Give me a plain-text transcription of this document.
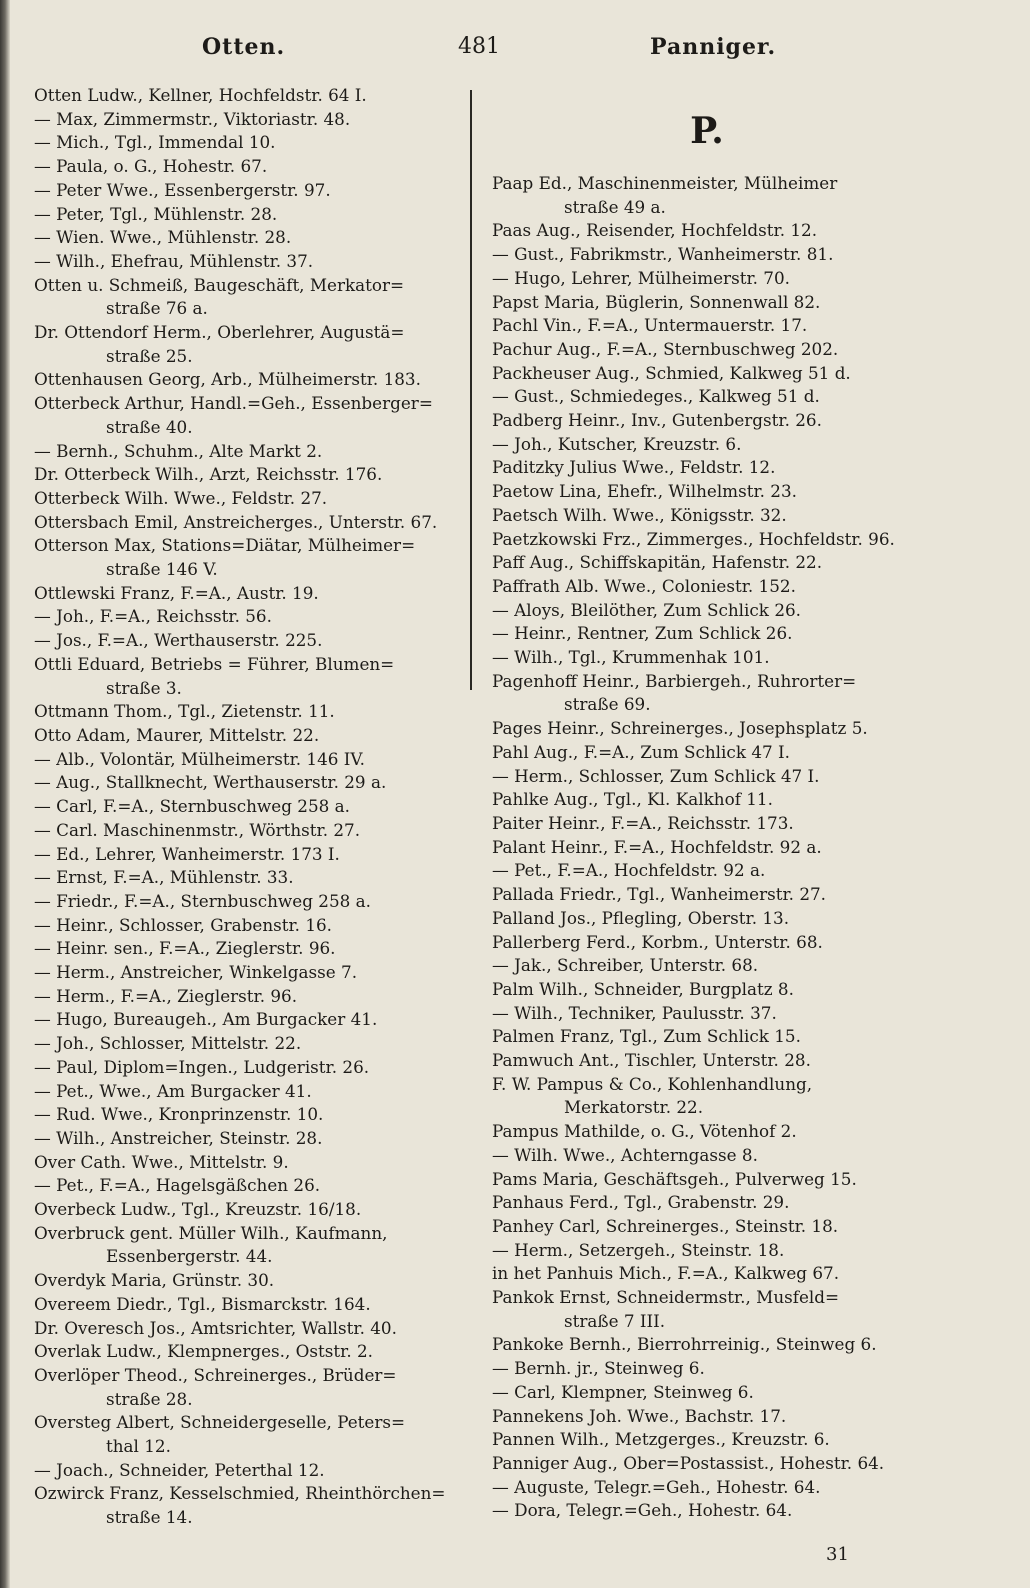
Otten.	481	Panniger.
Otten Ludw., Kellner, Hochfeldstr. 64 I.
— Max, Zimmermstr., Viktoriastr. 48.
— Mich., Tgl., Immendal 10.
— Paula, o. G., Hohestr. 67.
— Peter Wwe., Essenbergerstr. 97.
— Peter, Tgl., Mühlenstr. 28.
— Wien. Wwe., Mühlenstr. 28.
— Wilh., Ehefrau, Mühlenstr. 37.
Otten u. Schmeiß, Baugeschäft, Merkator=
straße 76 a.
Dr. Ottendorf Herm., Oberlehrer, Augustä=
straße 25.
Ottenhausen Georg, Arb., Mülheimerstr. 183.
Otterbeck Arthur, Handl.=Geh., Essenberger=
straße 40.
— Bernh., Schuhm., Alte Markt 2.
Dr. Otterbeck Wilh., Arzt, Reichsstr. 176.
Otterbeck Wilh. Wwe., Feldstr. 27.
Ottersbach Emil, Anstreicherges., Unterstr. 67.
Otterson Max, Stations=Diätar, Mülheimer=
straße 146 V.
Ottlewski Franz, F.=A., Austr. 19.
— Joh., F.=A., Reichsstr. 56.
— Jos., F.=A., Werthauserstr. 225.
Ottli Eduard, Betriebs = Führer, Blumen=
straße 3.
Ottmann Thom., Tgl., Zietenstr. 11.
Otto Adam, Maurer, Mittelstr. 22.
— Alb., Volontär, Mülheimerstr. 146 IV.
— Aug., Stallknecht, Werthauserstr. 29 a.
— Carl, F.=A., Sternbuschweg 258 a.
— Carl. Maschinenmstr., Wörthstr. 27.
— Ed., Lehrer, Wanheimerstr. 173 I.
— Ernst, F.=A., Mühlenstr. 33.
— Friedr., F.=A., Sternbuschweg 258 a.
— Heinr., Schlosser, Grabenstr. 16.
— Heinr. sen., F.=A., Zieglerstr. 96.
— Herm., Anstreicher, Winkelgasse 7.
— Herm., F.=A., Zieglerstr. 96.
— Hugo, Bureaugeh., Am Burgacker 41.
— Joh., Schlosser, Mittelstr. 22.
— Paul, Diplom=Ingen., Ludgeristr. 26.
— Pet., Wwe., Am Burgacker 41.
— Rud. Wwe., Kronprinzenstr. 10.
— Wilh., Anstreicher, Steinstr. 28.
Over Cath. Wwe., Mittelstr. 9.
— Pet., F.=A., Hagelsgäßchen 26.
Overbeck Ludw., Tgl., Kreuzstr. 16/18.
Overbruck gent. Müller Wilh., Kaufmann,
Essenbergerstr. 44.
Overdyk Maria, Grünstr. 30.
Overeem Diedr., Tgl., Bismarckstr. 164.
Dr. Overesch Jos., Amtsrichter, Wallstr. 40.
Overlak Ludw., Klempnerges., Oststr. 2.
Overlöper Theod., Schreinerges., Brüder=
straße 28.
Oversteg Albert, Schneidergeselle, Peters=
thal 12.
— Joach., Schneider, Peterthal 12.
Ozwirck Franz, Kesselschmied, Rheinthörchen=
straße 14.
P.
Paap Ed., Maschinenmeister, Mülheimer
straße 49 a.
Paas Aug., Reisender, Hochfeldstr. 12.
— Gust., Fabrikmstr., Wanheimerstr. 81.
— Hugo, Lehrer, Mülheimerstr. 70.
Papst Maria, Büglerin, Sonnenwall 82.
Pachl Vin., F.=A., Untermauerstr. 17.
Pachur Aug., F.=A., Sternbuschweg 202.
Packheuser Aug., Schmied, Kalkweg 51 d.
— Gust., Schmiedeges., Kalkweg 51 d.
Padberg Heinr., Inv., Gutenbergstr. 26.
— Joh., Kutscher, Kreuzstr. 6.
Paditzky Julius Wwe., Feldstr. 12.
Paetow Lina, Ehefr., Wilhelmstr. 23.
Paetsch Wilh. Wwe., Königsstr. 32.
Paetzkowski Frz., Zimmerges., Hochfeldstr. 96.
Paff Aug., Schiffskapitän, Hafenstr. 22.
Paffrath Alb. Wwe., Coloniestr. 152.
— Aloys, Bleilöther, Zum Schlick 26.
— Heinr., Rentner, Zum Schlick 26.
— Wilh., Tgl., Krummenhak 101.
Pagenhoff Heinr., Barbiergeh., Ruhrorter=
straße 69.
Pages Heinr., Schreinerges., Josephsplatz 5.
Pahl Aug., F.=A., Zum Schlick 47 I.
— Herm., Schlosser, Zum Schlick 47 I.
Pahlke Aug., Tgl., Kl. Kalkhof 11.
Paiter Heinr., F.=A., Reichsstr. 173.
Palant Heinr., F.=A., Hochfeldstr. 92 a.
— Pet., F.=A., Hochfeldstr. 92 a.
Pallada Friedr., Tgl., Wanheimerstr. 27.
Palland Jos., Pflegling, Oberstr. 13.
Pallerberg Ferd., Korbm., Unterstr. 68.
— Jak., Schreiber, Unterstr. 68.
Palm Wilh., Schneider, Burgplatz 8.
— Wilh., Techniker, Paulusstr. 37.
Palmen Franz, Tgl., Zum Schlick 15.
Pamwuch Ant., Tischler, Unterstr. 28.
F. W. Pampus & Co., Kohlenhandlung,
Merkatorstr. 22.
Pampus Mathilde, o. G., Vötenhof 2.
— Wilh. Wwe., Achterngasse 8.
Pams Maria, Geschäftsgeh., Pulverweg 15.
Panhaus Ferd., Tgl., Grabenstr. 29.
Panhey Carl, Schreinerges., Steinstr. 18.
— Herm., Setzergeh., Steinstr. 18.
in het Panhuis Mich., F.=A., Kalkweg 67.
Pankok Ernst, Schneidermstr., Musfeld=
straße 7 III.
Pankoke Bernh., Bierrohrreinig., Steinweg 6.
— Bernh. jr., Steinweg 6.
— Carl, Klempner, Steinweg 6.
Pannekens Joh. Wwe., Bachstr. 17.
Pannen Wilh., Metzgerges., Kreuzstr. 6.
Panniger Aug., Ober=Postassist., Hohestr. 64.
— Auguste, Telegr.=Geh., Hohestr. 64.
— Dora, Telegr.=Geh., Hohestr. 64.
31
